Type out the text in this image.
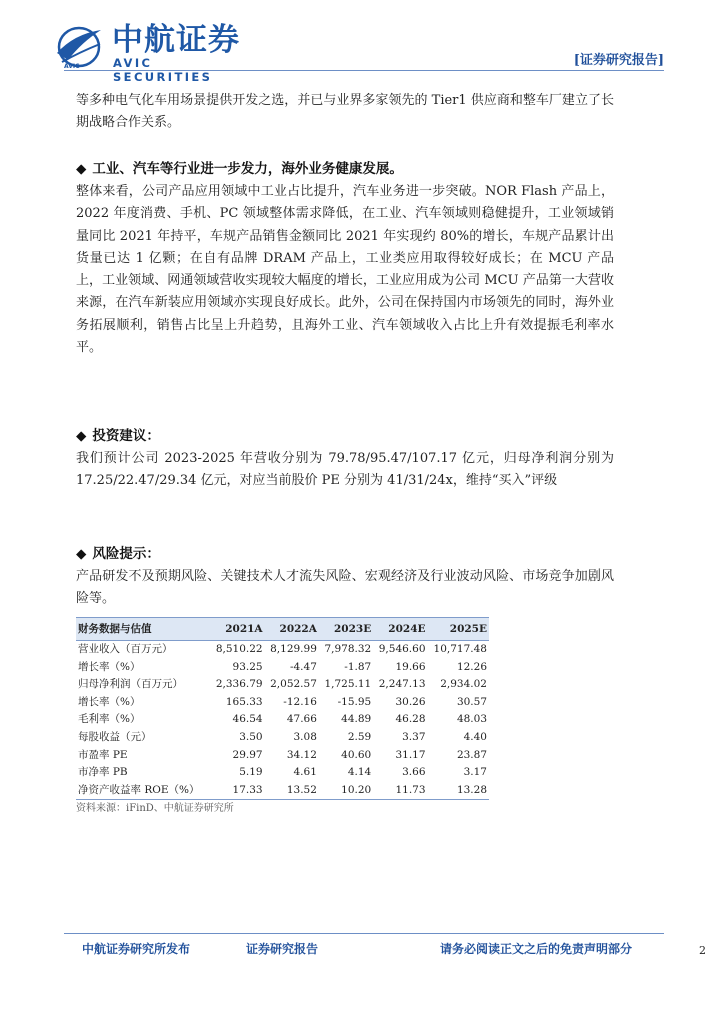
AVIC
中航证券
AVIC SECURITIES
[证券研究报告]

等多种电气化车用场景提供开发之选，并已与业界多家领先的 Tier1 供应商和整车厂建立了长期战略合作关系。

◆ 工业、汽车等行业进一步发力，海外业务健康发展。

整体来看，公司产品应用领域中工业占比提升，汽车业务进一步突破。NOR Flash 产品上，2022 年度消费、手机、PC 领域整体需求降低，在工业、汽车领域则稳健提升，工业领域销量同比 2021 年持平，车规产品销售金额同比 2021 年实现约 80%的增长，车规产品累计出货量已达 1 亿颗；在自有品牌 DRAM 产品上，工业类应用取得较好成长；在 MCU 产品上，工业领域、网通领域营收实现较大幅度的增长，工业应用成为公司 MCU 产品第一大营收来源，在汽车新装应用领域亦实现良好成长。此外，公司在保持国内市场领先的同时，海外业务拓展顺利，销售占比呈上升趋势，且海外工业、汽车领域收入占比上升有效提振毛利率水平。

◆ 投资建议：

我们预计公司 2023-2025 年营收分别为 79.78/95.47/107.17 亿元，归母净利润分别为 17.25/22.47/29.34 亿元，对应当前股价 PE 分别为 41/31/24x，维持“买入”评级

◆ 风险提示：

产品研发不及预期风险、关键技术人才流失风险、宏观经济及行业波动风险、市场竞争加剧风险等。

财务数据与估值	2021A	2022A	2023E	2024E	2025E
营业收入（百万元）	8,510.22	8,129.99	7,978.32	9,546.60	10,717.48
增长率（%）	93.25	-4.47	-1.87	19.66	12.26
归母净利润（百万元）	2,336.79	2,052.57	1,725.11	2,247.13	2,934.02
增长率（%）	165.33	-12.16	-15.95	30.26	30.57
毛利率（%）	46.54	47.66	44.89	46.28	48.03
每股收益（元）	3.50	3.08	2.59	3.37	4.40
市盈率 PE	29.97	34.12	40.60	31.17	23.87
市净率 PB	5.19	4.61	4.14	3.66	3.17
净资产收益率 ROE（%）	17.33	13.52	10.20	11.73	13.28
资料来源：iFinD、中航证券研究所
中航证券研究所发布	证券研究报告	请务必阅读正文之后的免责声明部分	2
